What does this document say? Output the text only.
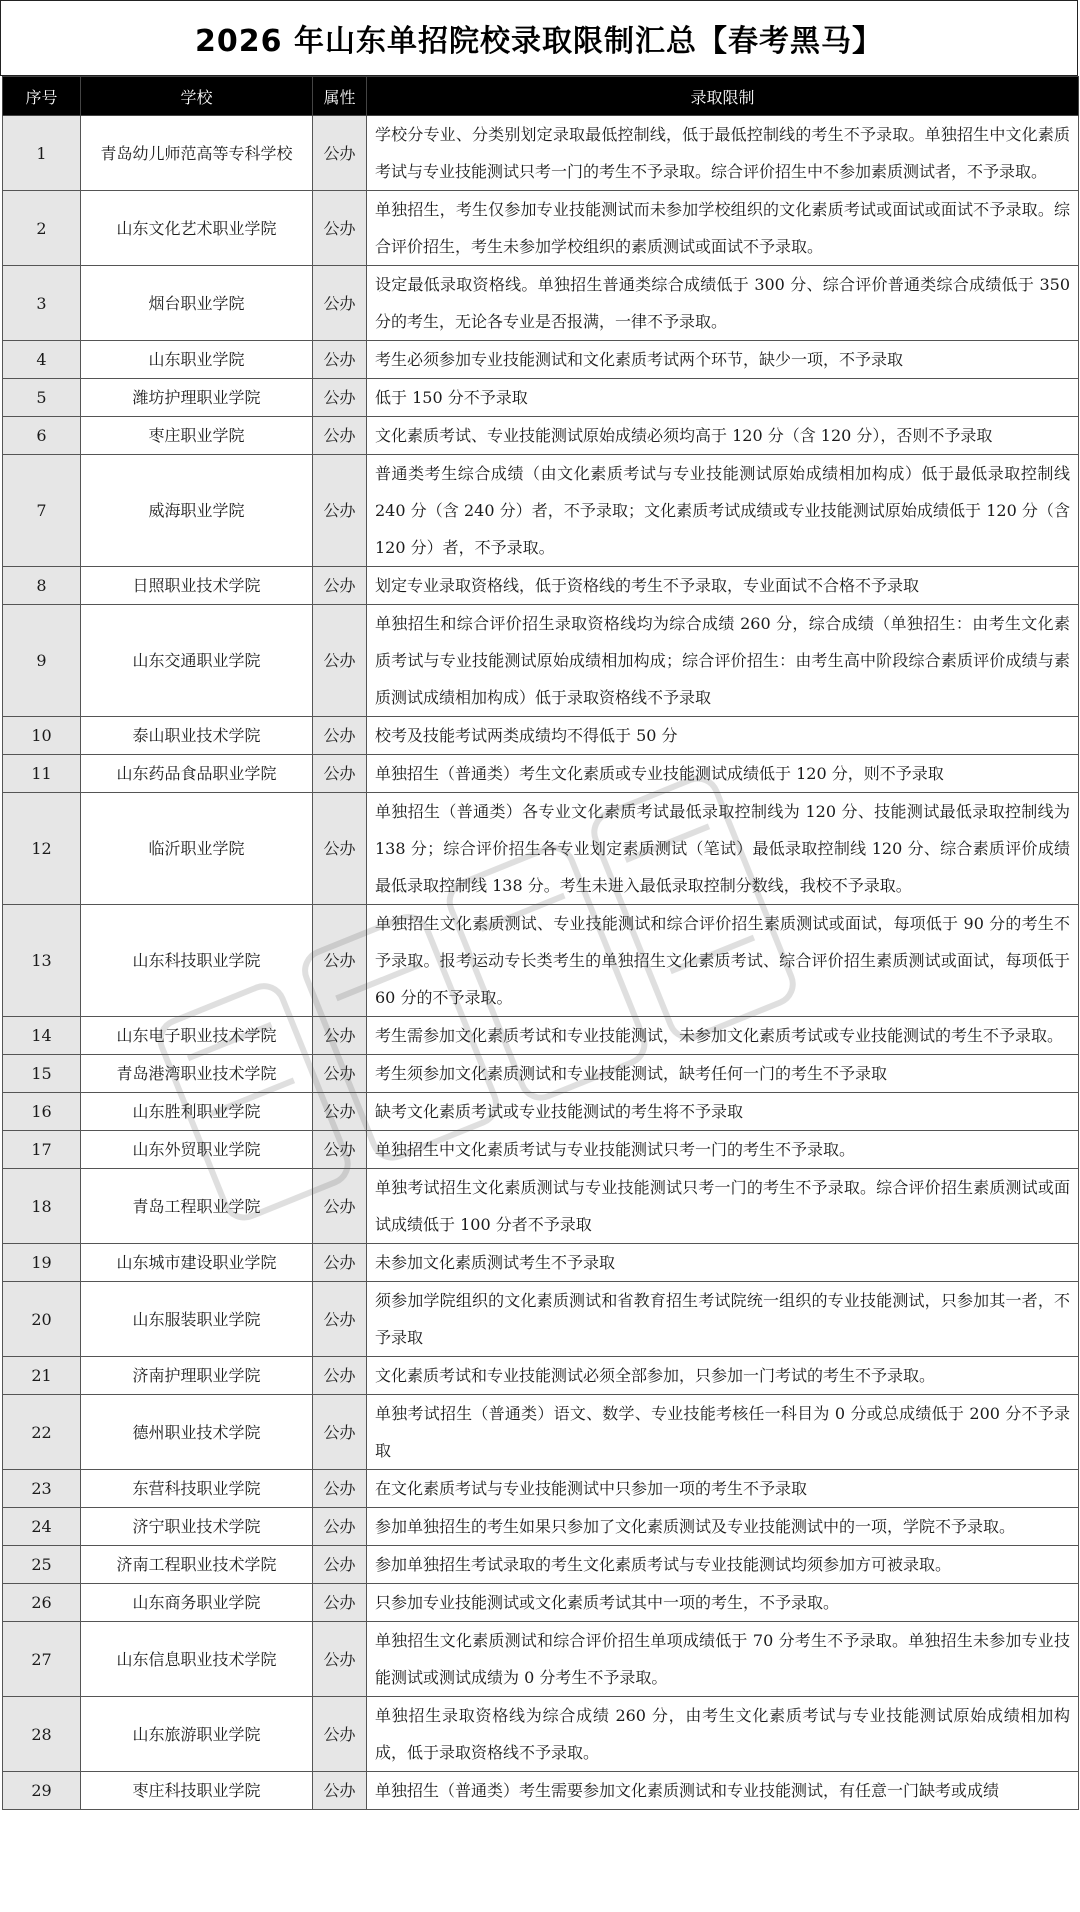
2026 年山东单招院校录取限制汇总【春考黑马】
序号	学校	属性	录取限制
1	青岛幼儿师范高等专科学校	公办	学校分专业、分类别划定录取最低控制线，低于最低控制线的考生不予录取。单独招生中文化素质考试与专业技能测试只考一门的考生不予录取。综合评价招生中不参加素质测试者，不予录取。
2	山东文化艺术职业学院	公办	单独招生，考生仅参加专业技能测试而未参加学校组织的文化素质考试或面试或面试不予录取。综合评价招生，考生未参加学校组织的素质测试或面试不予录取。
3	烟台职业学院	公办	设定最低录取资格线。单独招生普通类综合成绩低于 300 分、综合评价普通类综合成绩低于 350 分的考生，无论各专业是否报满，一律不予录取。
4	山东职业学院	公办	考生必须参加专业技能测试和文化素质考试两个环节，缺少一项，不予录取
5	潍坊护理职业学院	公办	低于 150 分不予录取
6	枣庄职业学院	公办	文化素质考试、专业技能测试原始成绩必须均高于 120 分（含 120 分），否则不予录取
7	威海职业学院	公办	普通类考生综合成绩（由文化素质考试与专业技能测试原始成绩相加构成）低于最低录取控制线 240 分（含 240 分）者，不予录取；文化素质考试成绩或专业技能测试原始成绩低于 120 分（含 120 分）者，不予录取。
8	日照职业技术学院	公办	划定专业录取资格线，低于资格线的考生不予录取，专业面试不合格不予录取
9	山东交通职业学院	公办	单独招生和综合评价招生录取资格线均为综合成绩 260 分，综合成绩（单独招生：由考生文化素质考试与专业技能测试原始成绩相加构成；综合评价招生：由考生高中阶段综合素质评价成绩与素质测试成绩相加构成）低于录取资格线不予录取
10	泰山职业技术学院	公办	校考及技能考试两类成绩均不得低于 50 分
11	山东药品食品职业学院	公办	单独招生（普通类）考生文化素质或专业技能测试成绩低于 120 分，则不予录取
12	临沂职业学院	公办	单独招生（普通类）各专业文化素质考试最低录取控制线为 120 分、技能测试最低录取控制线为 138 分；综合评价招生各专业划定素质测试（笔试）最低录取控制线 120 分、综合素质评价成绩最低录取控制线 138 分。考生未进入最低录取控制分数线，我校不予录取。
13	山东科技职业学院	公办	单独招生文化素质测试、专业技能测试和综合评价招生素质测试或面试，每项低于 90 分的考生不予录取。报考运动专长类考生的单独招生文化素质考试、综合评价招生素质测试或面试，每项低于 60 分的不予录取。
14	山东电子职业技术学院	公办	考生需参加文化素质考试和专业技能测试，未参加文化素质考试或专业技能测试的考生不予录取。
15	青岛港湾职业技术学院	公办	考生须参加文化素质测试和专业技能测试，缺考任何一门的考生不予录取
16	山东胜利职业学院	公办	缺考文化素质考试或专业技能测试的考生将不予录取
17	山东外贸职业学院	公办	单独招生中文化素质考试与专业技能测试只考一门的考生不予录取。
18	青岛工程职业学院	公办	单独考试招生文化素质测试与专业技能测试只考一门的考生不予录取。综合评价招生素质测试或面试成绩低于 100 分者不予录取
19	山东城市建设职业学院	公办	未参加文化素质测试考生不予录取
20	山东服装职业学院	公办	须参加学院组织的文化素质测试和省教育招生考试院统一组织的专业技能测试，只参加其一者，不予录取
21	济南护理职业学院	公办	文化素质考试和专业技能测试必须全部参加，只参加一门考试的考生不予录取。
22	德州职业技术学院	公办	单独考试招生（普通类）语文、数学、专业技能考核任一科目为 0 分或总成绩低于 200 分不予录取
23	东营科技职业学院	公办	在文化素质考试与专业技能测试中只参加一项的考生不予录取
24	济宁职业技术学院	公办	参加单独招生的考生如果只参加了文化素质测试及专业技能测试中的一项，学院不予录取。
25	济南工程职业技术学院	公办	参加单独招生考试录取的考生文化素质考试与专业技能测试均须参加方可被录取。
26	山东商务职业学院	公办	只参加专业技能测试或文化素质考试其中一项的考生，不予录取。
27	山东信息职业技术学院	公办	单独招生文化素质测试和综合评价招生单项成绩低于 70 分考生不予录取。单独招生未参加专业技能测试或测试成绩为 0 分考生不予录取。
28	山东旅游职业学院	公办	单独招生录取资格线为综合成绩 260 分，由考生文化素质考试与专业技能测试原始成绩相加构成，低于录取资格线不予录取。
29	枣庄科技职业学院	公办	单独招生（普通类）考生需要参加文化素质测试和专业技能测试，有任意一门缺考或成绩
